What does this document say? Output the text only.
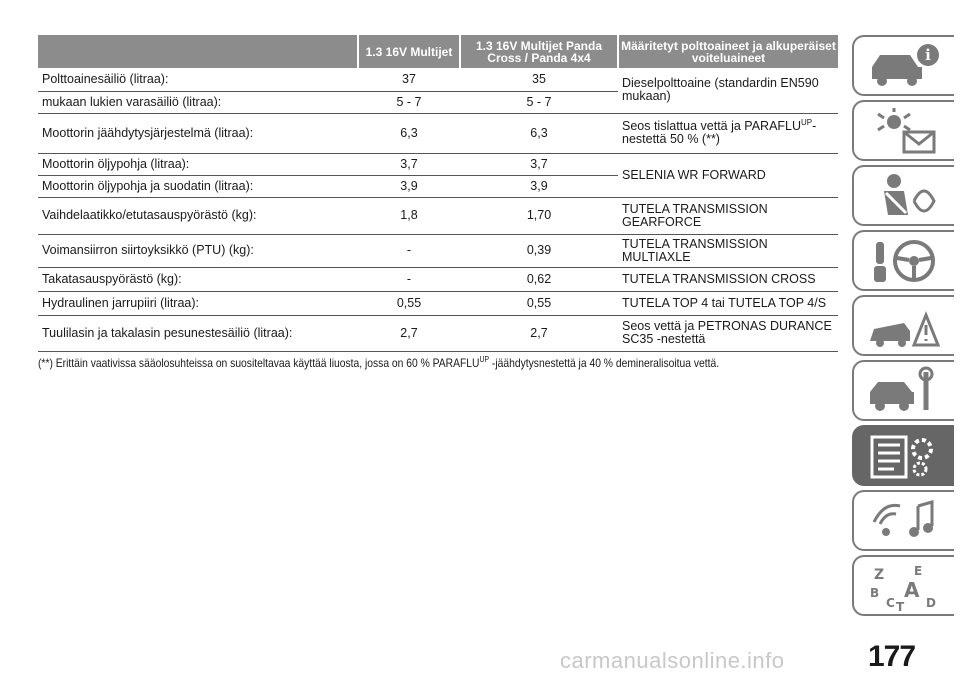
	1.3 16V Multijet	1.3 16V Multijet Panda Cross / Panda 4x4	Määritetyt polttoaineet ja alkuperäiset voiteluaineet
Polttoainesäiliö (litraa):	37	35	Dieselpolttoaine (standardin EN590 mukaan)
mukaan lukien varasäiliö (litraa):	5 - 7	5 - 7	
Moottorin jäähdytysjärjestelmä (litraa):	6,3	6,3	Seos tislattua vettä ja $PARAFLU^{UP}-$
nestettä 50 % (**)
Moottorin öljypohja (litraa):	3,7	3,7	SELENIA WR FORWARD
Moottorin öljypohja ja suodatin (litraa):	3,9	3,9	
Vaihdelaatikko/etutasauspyörästö (kg):	1,8	1,70	TUTELA TRANSMISSION GEARFORCE
Voimansiirron siirtoyksikkö (PTU) (kg):	-	0,39	TUTELA TRANSMISSION MULTIAXLE
Takatasauspyörästö (kg):	-	0,62	TUTELA TRANSMISSION CROSS
Hydraulinen jarrupiiri (litraa):	0,55	0,55	TUTELA TOP 4 tai TUTELA TOP 4/S
Tuulilasin ja takalasin pesunestesäiliö (litraa):	2,7	2,7	Seos vettä ja PETRONAS DURANCE SC35 -nestettä
(**) Erittäin vaativissa sääolosuhteissa on suositeltavaa käyttää liuosta, jossa on 60 % $PARAFLU^{UP}$ -jäähdytysnestettä ja 40 % demineralisoitua vettä.
i
Z E
B A
C	D
T
carmanualsonline.info	177
